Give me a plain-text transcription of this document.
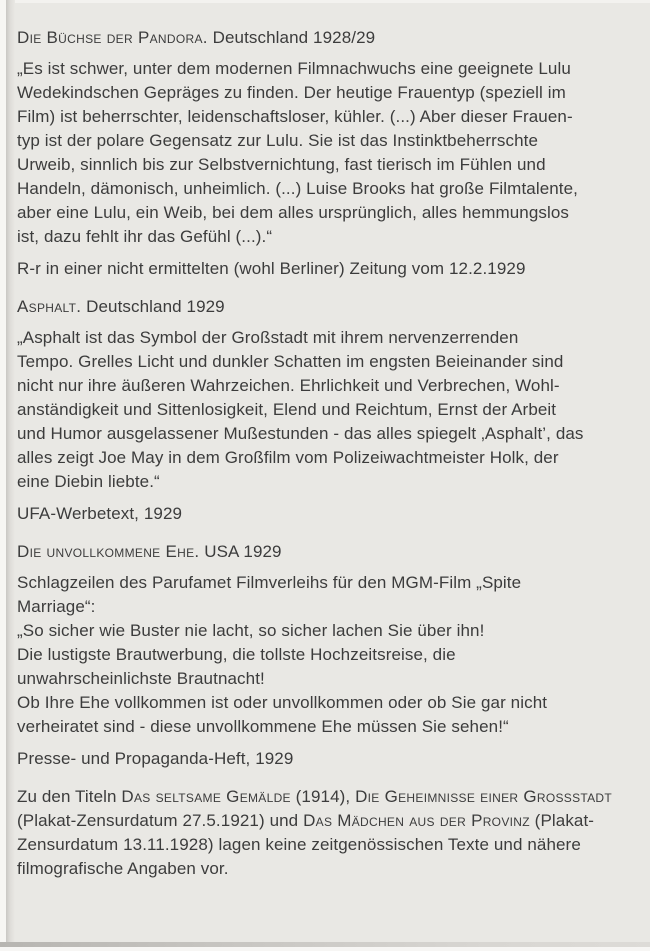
Die Büchse der Pandora. Deutschland 1928/29
„Es ist schwer, unter dem modernen Filmnachwuchs eine geeignete Lulu
Wedekindschen Gepräges zu finden. Der heutige Frauentyp (speziell im
Film) ist beherrschter, leidenschaftsloser, kühler. (...) Aber dieser Frauen-
typ ist der polare Gegensatz zur Lulu. Sie ist das Instinktbeherrschte
Urweib, sinnlich bis zur Selbstvernichtung, fast tierisch im Fühlen und
Handeln, dämonisch, unheimlich. (...) Luise Brooks hat große Filmtalente,
aber eine Lulu, ein Weib, bei dem alles ursprünglich, alles hemmungslos
ist, dazu fehlt ihr das Gefühl (...).“
R-r in einer nicht ermittelten (wohl Berliner) Zeitung vom 12.2.1929
Asphalt. Deutschland 1929
„Asphalt ist das Symbol der Großstadt mit ihrem nervenzerrenden
Tempo. Grelles Licht und dunkler Schatten im engsten Beieinander sind
nicht nur ihre äußeren Wahrzeichen. Ehrlichkeit und Verbrechen, Wohl-
anständigkeit und Sittenlosigkeit, Elend und Reichtum, Ernst der Arbeit
und Humor ausgelassener Mußestunden - das alles spiegelt ‚Asphalt’, das
alles zeigt Joe May in dem Großfilm vom Polizeiwachtmeister Holk, der
eine Diebin liebte.“
UFA-Werbetext, 1929
Die unvollkommene Ehe. USA 1929
Schlagzeilen des Parufamet Filmverleihs für den MGM-Film „Spite
Marriage“:
„So sicher wie Buster nie lacht, so sicher lachen Sie über ihn!
Die lustigste Brautwerbung, die tollste Hochzeitsreise, die
unwahrscheinlichste Brautnacht!
Ob Ihre Ehe vollkommen ist oder unvollkommen oder ob Sie gar nicht
verheiratet sind - diese unvollkommene Ehe müssen Sie sehen!“
Presse- und Propaganda-Heft, 1929
Zu den Titeln Das seltsame Gemälde (1914), Die Geheimnisse einer Grossstadt
(Plakat-Zensurdatum 27.5.1921) und Das Mädchen aus der Provinz (Plakat-
Zensurdatum 13.11.1928) lagen keine zeitgenössischen Texte und nähere
filmografische Angaben vor.
